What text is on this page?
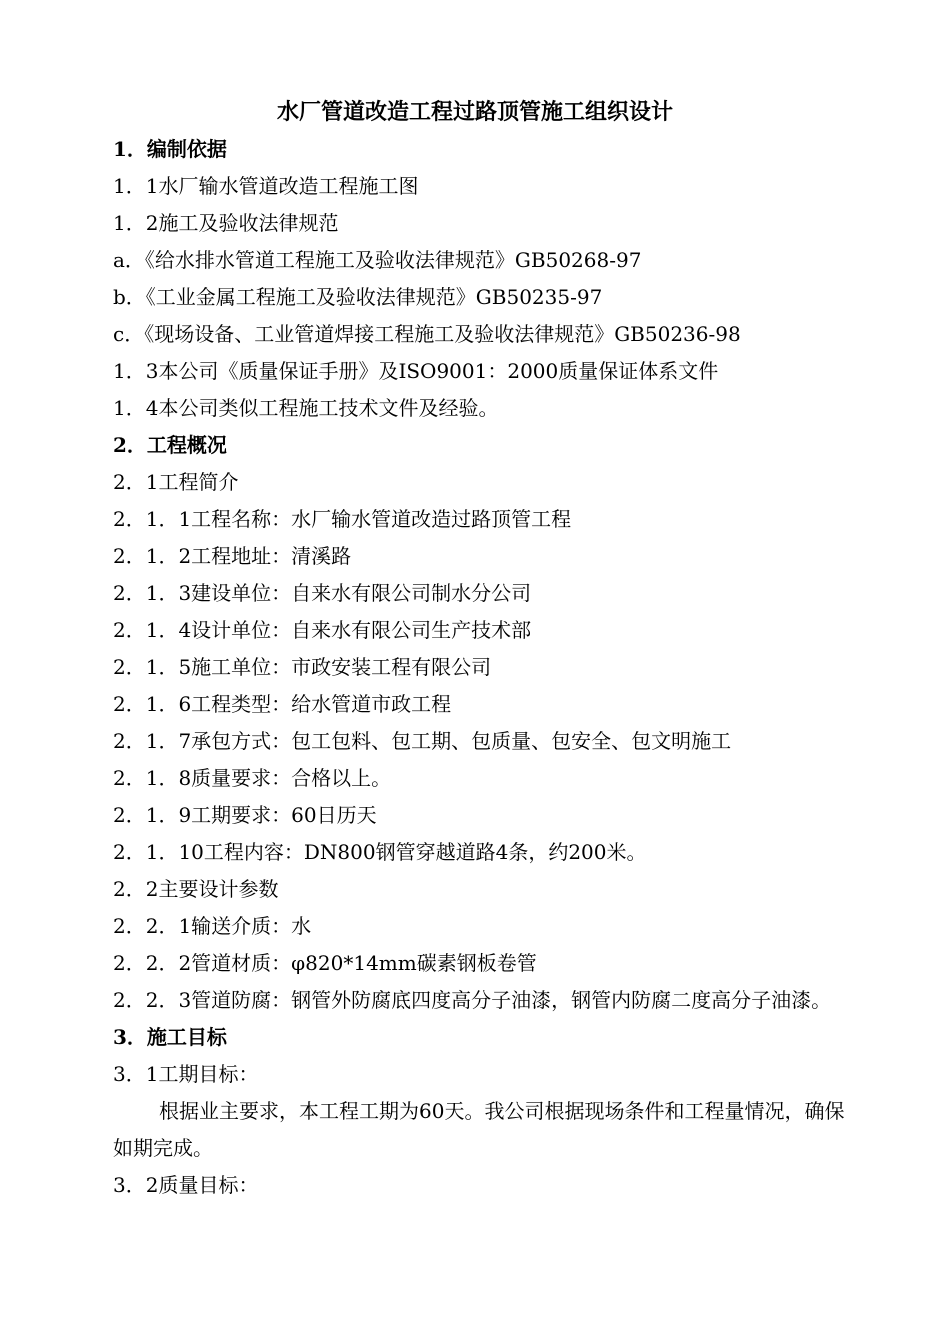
水厂管道改造工程过路顶管施工组织设计
1．编制依据
1．1水厂输水管道改造工程施工图
1．2施工及验收法律规范
a．《给水排水管道工程施工及验收法律规范》GB50268-97
b．《工业金属工程施工及验收法律规范》GB50235-97
c．《现场设备、工业管道焊接工程施工及验收法律规范》GB50236-98
1．3本公司《质量保证手册》及ISO9001：2000质量保证体系文件
1．4本公司类似工程施工技术文件及经验。
2．工程概况
2．1工程简介
2．1．1工程名称：水厂输水管道改造过路顶管工程
2．1．2工程地址：清溪路
2．1．3建设单位：自来水有限公司制水分公司
2．1．4设计单位：自来水有限公司生产技术部
2．1．5施工单位：市政安装工程有限公司
2．1．6工程类型：给水管道市政工程
2．1．7承包方式：包工包料、包工期、包质量、包安全、包文明施工
2．1．8质量要求：合格以上。
2．1．9工期要求：60日历天
2．1．10工程内容：DN800钢管穿越道路4条，约200米。
2．2主要设计参数
2．2．1输送介质：水
2．2．2管道材质：φ820*14mm碳素钢板卷管
2．2．3管道防腐：钢管外防腐底四度高分子油漆，钢管内防腐二度高分子油漆。
3．施工目标
3．1工期目标：
根据业主要求，本工程工期为60天。我公司根据现场条件和工程量情况，确保如期完成。
3．2质量目标：
